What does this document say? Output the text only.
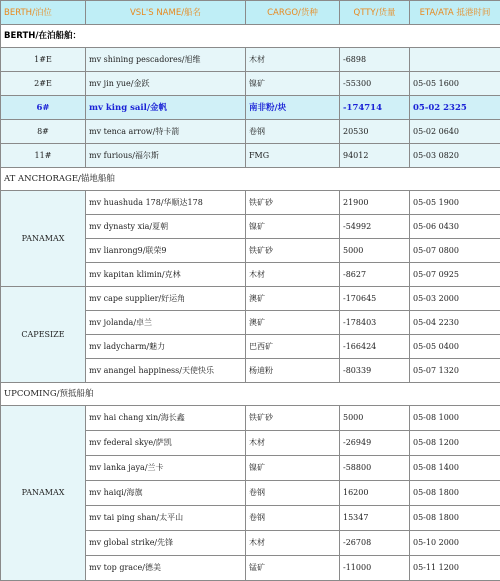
BERTH/泊位	VSL'S NAME/船名	CARGO/货种	QTTY/货量	ETA/ATA 抵港时间
BERTH/在泊船舶：				
1#E	mv shining pescadores/旭维	木材	-6898	
2#E	mv jin yue/金跃	镍矿	-55300	05-05 1600
6#	mv king sail/金帆	南非粉/块	-174714	05-02 2325
8#	mv tenca arrow/特卡箭	卷钢	20530	05-02 0640
11#	mv furious/福尔斯	FMG	94012	05-03 0820
AT ANCHORAGE/锚地船舶				
PANAMAX	mv huashuda 178/华顺达178	铁矿砂	21900	05-05 1900
	mv dynasty xia/夏朝	镍矿	-54992	05-06 0430
	mv lianrong9/联荣9	铁矿砂	5000	05-07 0800
	mv kapitan klimin/克林	木材	-8627	05-07 0925
CAPESIZE	mv cape supplier/好运角	澳矿	-170645	05-03 2000
	mv jolanda/卓兰	澳矿	-178403	05-04 2230
	mv ladycharm/魅力	巴西矿	-166424	05-05 0400
	mv anangel happiness/天使快乐	杨迪粉	-80339	05-07 1320
UPCOMING/预抵船舶				
PANAMAX	mv hai chang xin/海长鑫	铁矿砂	5000	05-08 1000
	mv federal skye/萨凯	木材	-26949	05-08 1200
	mv lanka jaya/兰卡	镍矿	-58800	05-08 1400
	mv haiqi/海旗	卷钢	16200	05-08 1800
	mv tai ping shan/太平山	卷钢	15347	05-08 1800
	mv global strike/先锋	木材	-26708	05-10 2000
	mv top grace/德美	锰矿	-11000	05-11 1200
